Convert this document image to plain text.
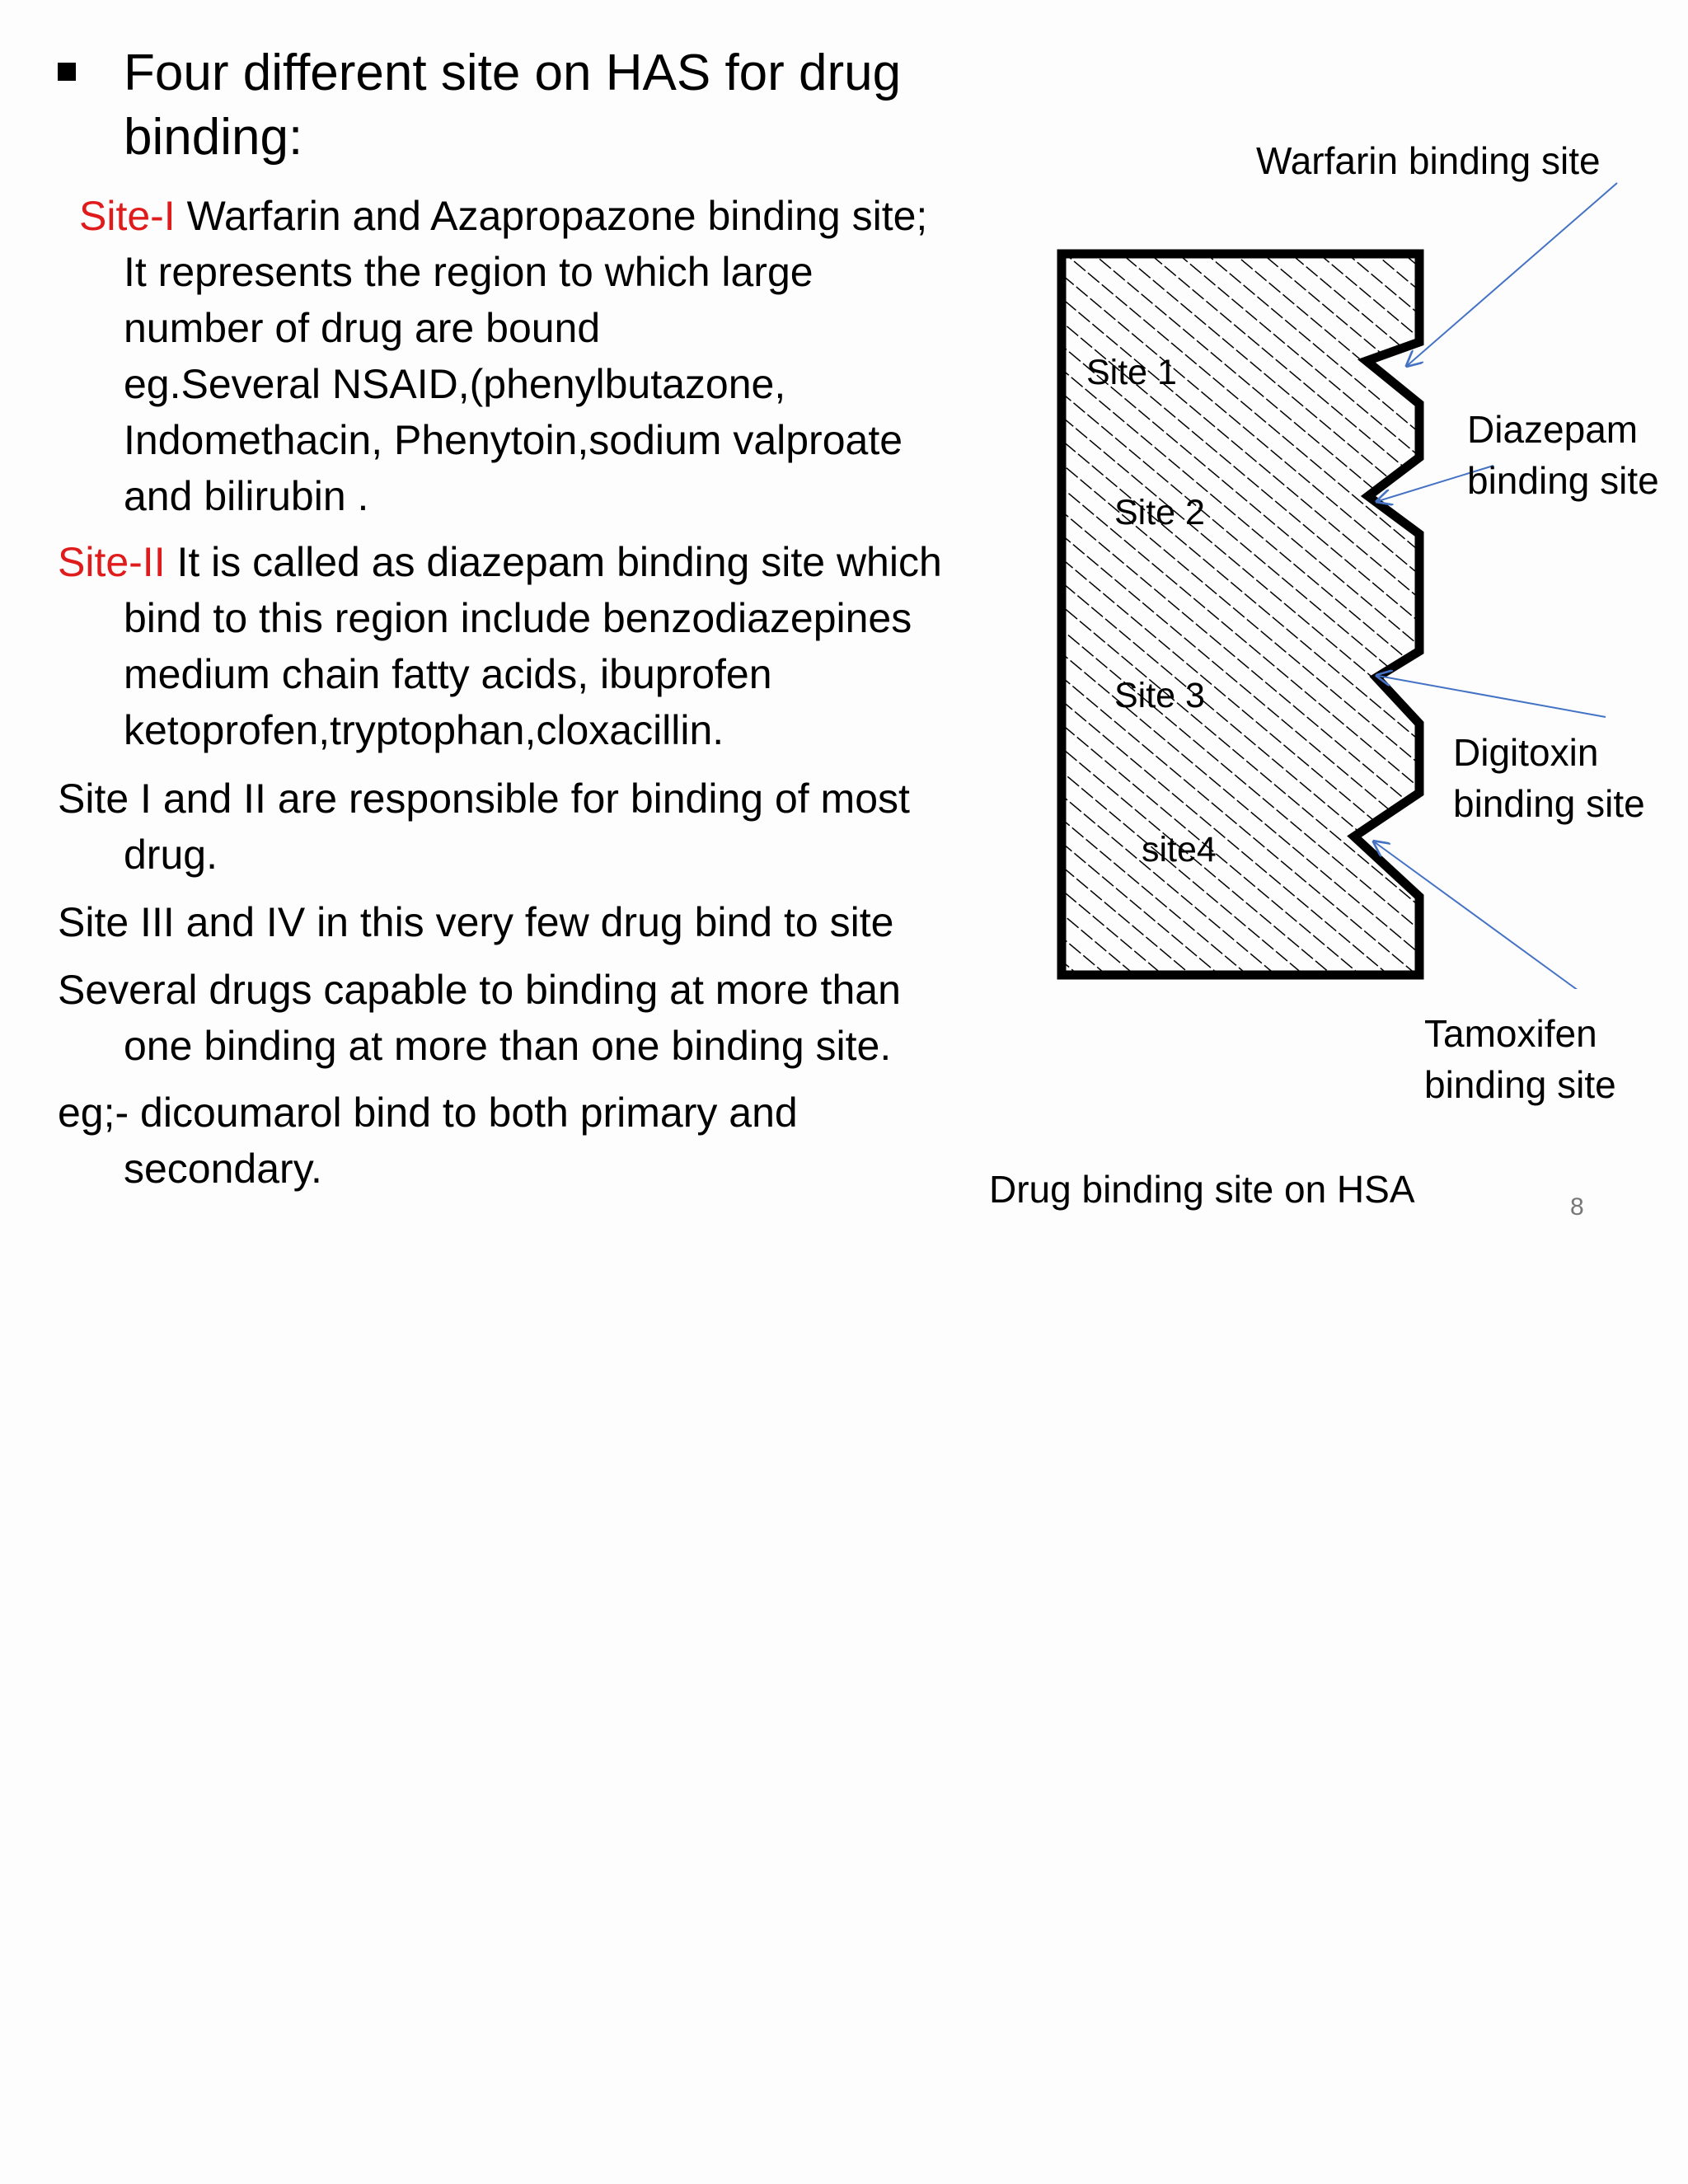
Four different site on HAS for drug binding:
Site-I Warfarin and Azapropazone binding site;
It represents the region to which large
number of drug are bound
eg.Several NSAID,(phenylbutazone,
Indomethacin, Phenytoin,sodium valproate
and bilirubin .
Site-II It is called as diazepam binding site which
bind to this region include benzodiazepines
medium chain fatty acids, ibuprofen
ketoprofen,tryptophan,cloxacillin.
Site I and II are responsible for binding of most
drug.
Site III and IV in this very few drug bind to site
Several drugs capable to binding at more than
one binding at more than one binding site.
eg;- dicoumarol bind to both primary and
secondary.
Site 1
Site 2
Site 3
site4
Warfarin binding site
Diazepam
binding site
Digitoxin
binding site
Tamoxifen
binding site
Drug binding site on HSA	8
